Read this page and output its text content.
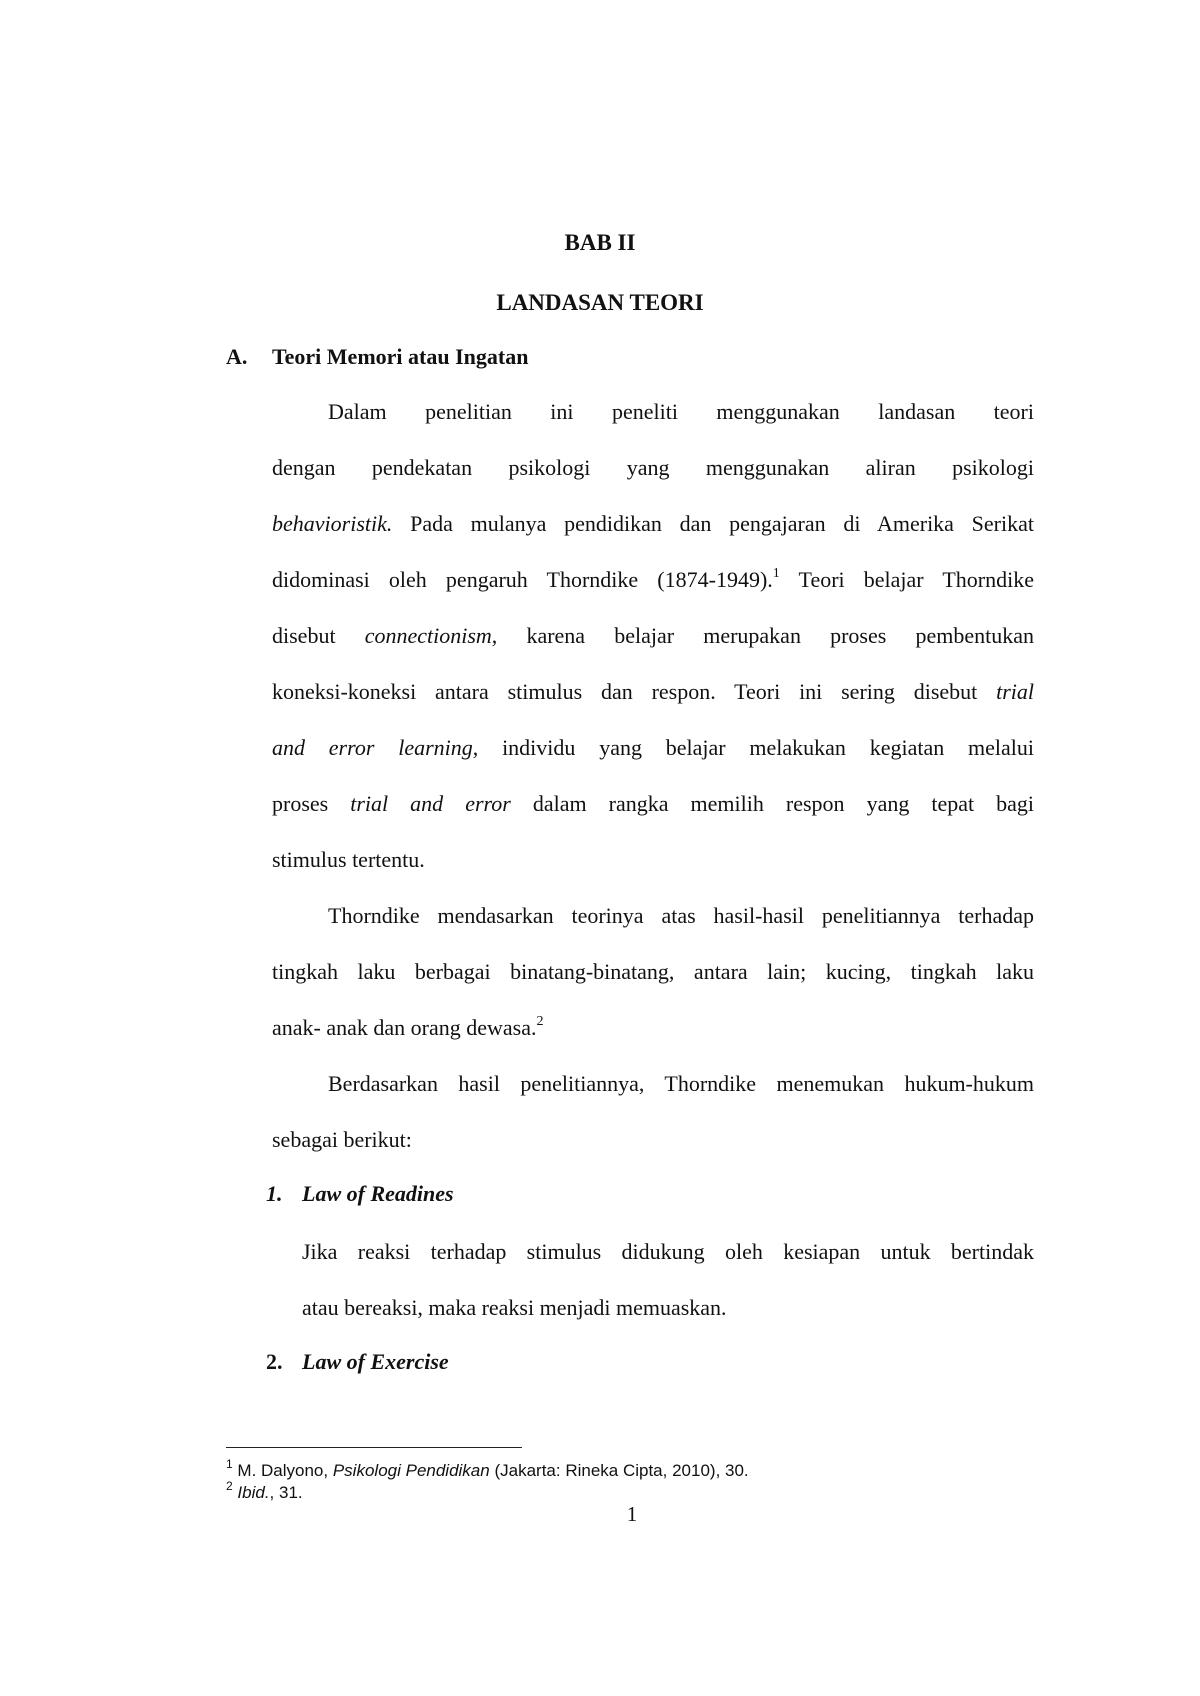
BAB II
LANDASAN TEORI
A. Teori Memori atau Ingatan
Dalam penelitian ini peneliti menggunakan landasan teori
dengan pendekatan psikologi yang menggunakan aliran psikologi
behavioristik. Pada mulanya pendidikan dan pengajaran di Amerika Serikat
didominasi oleh pengaruh Thorndike (1874-1949).$^1$ Teori belajar Thorndike
disebut connectionism, karena belajar merupakan proses pembentukan
koneksi-koneksi antara stimulus dan respon. Teori ini sering disebut trial
and error learning, individu yang belajar melakukan kegiatan melalui
proses trial and error dalam rangka memilih respon yang tepat bagi
stimulus tertentu.
Thorndike mendasarkan teorinya atas hasil-hasil penelitiannya terhadap
tingkah laku berbagai binatang-binatang, antara lain; kucing, tingkah laku
anak- anak dan orang dewasa.$^2$
Berdasarkan hasil penelitiannya, Thorndike menemukan hukum-hukum
sebagai berikut:
1. Law of Readines
Jika reaksi terhadap stimulus didukung oleh kesiapan untuk bertindak
atau bereaksi, maka reaksi menjadi memuaskan.
2. Law of Exercise
$^1$ M. Dalyono, Psikologi Pendidikan (Jakarta: Rineka Cipta, 2010), 30.
$^2$ Ibid., 31.
1
